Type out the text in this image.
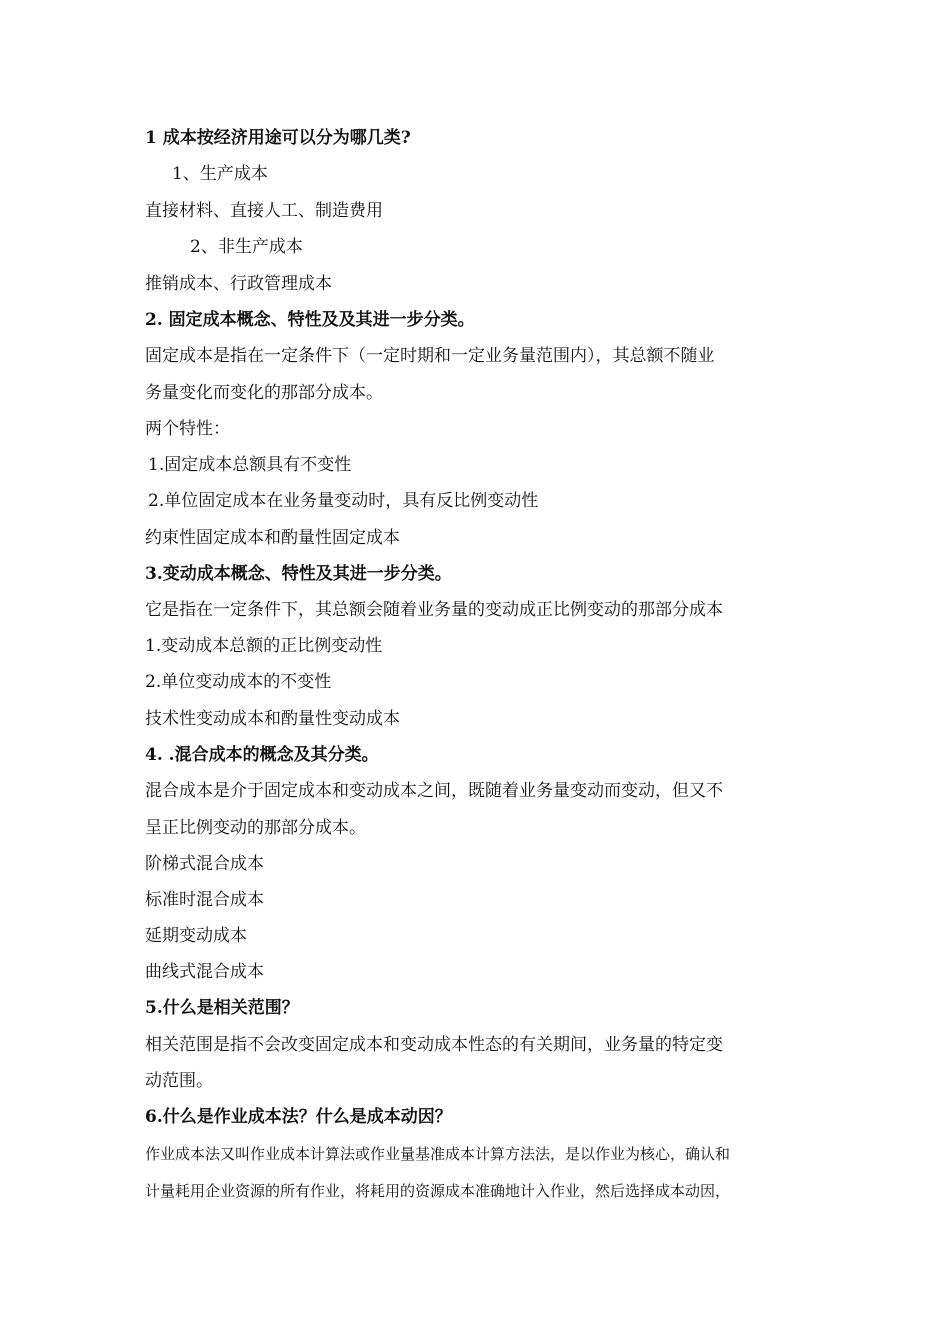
1 成本按经济用途可以分为哪几类?
1、生产成本
直接材料、直接人工、制造费用
2、非生产成本
推销成本、行政管理成本
2. 固定成本概念、特性及及其进一步分类。
固定成本是指在一定条件下（一定时期和一定业务量范围内），其总额不随业
务量变化而变化的那部分成本。
两个特性：
1.固定成本总额具有不变性
2.单位固定成本在业务量变动时，具有反比例变动性
约束性固定成本和酌量性固定成本
3.变动成本概念、特性及其进一步分类。
它是指在一定条件下，其总额会随着业务量的变动成正比例变动的那部分成本
1.变动成本总额的正比例变动性
2.单位变动成本的不变性
技术性变动成本和酌量性变动成本
4. .混合成本的概念及其分类。
混合成本是介于固定成本和变动成本之间，既随着业务量变动而变动，但又不
呈正比例变动的那部分成本。
阶梯式混合成本
标准时混合成本
延期变动成本
曲线式混合成本
5.什么是相关范围？
相关范围是指不会改变固定成本和变动成本性态的有关期间，业务量的特定变
动范围。
6.什么是作业成本法？什么是成本动因？
作业成本法又叫作业成本计算法或作业量基准成本计算方法法，是以作业为核心，确认和
计量耗用企业资源的所有作业，将耗用的资源成本准确地计入作业，然后选择成本动因，
